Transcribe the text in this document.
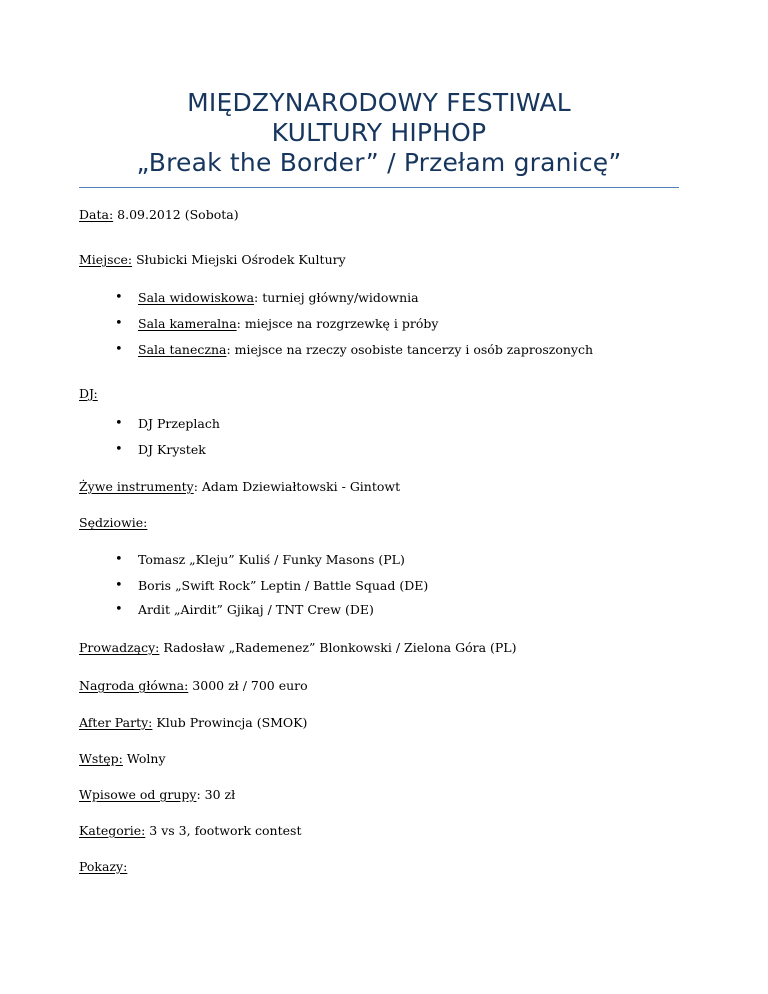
MIĘDZYNARODOWY FESTIWAL
KULTURY HIPHOP
„Break the Border” / Przełam granicę”
Data: 8.09.2012 (Sobota)
Miejsce: Słubicki Miejski Ośrodek Kultury
• Sala widowiskowa: turniej główny/widownia
• Sala kameralna: miejsce na rozgrzewkę i próby
• Sala taneczna: miejsce na rzeczy osobiste tancerzy i osób zaproszonych
DJ:
• DJ Przeplach
• DJ Krystek
Żywe instrumenty: Adam Dziewiałtowski - Gintowt
Sędziowie:
• Tomasz „Kleju” Kuliś / Funky Masons (PL)
• Boris „Swift Rock” Leptin / Battle Squad (DE)
• Ardit „Airdit” Gjikaj / TNT Crew (DE)
Prowadzący: Radosław „Rademenez” Blonkowski / Zielona Góra (PL)
Nagroda główna: 3000 zł / 700 euro
After Party: Klub Prowincja (SMOK)
Wstęp: Wolny
Wpisowe od grupy: 30 zł
Kategorie: 3 vs 3, footwork contest
Pokazy:
